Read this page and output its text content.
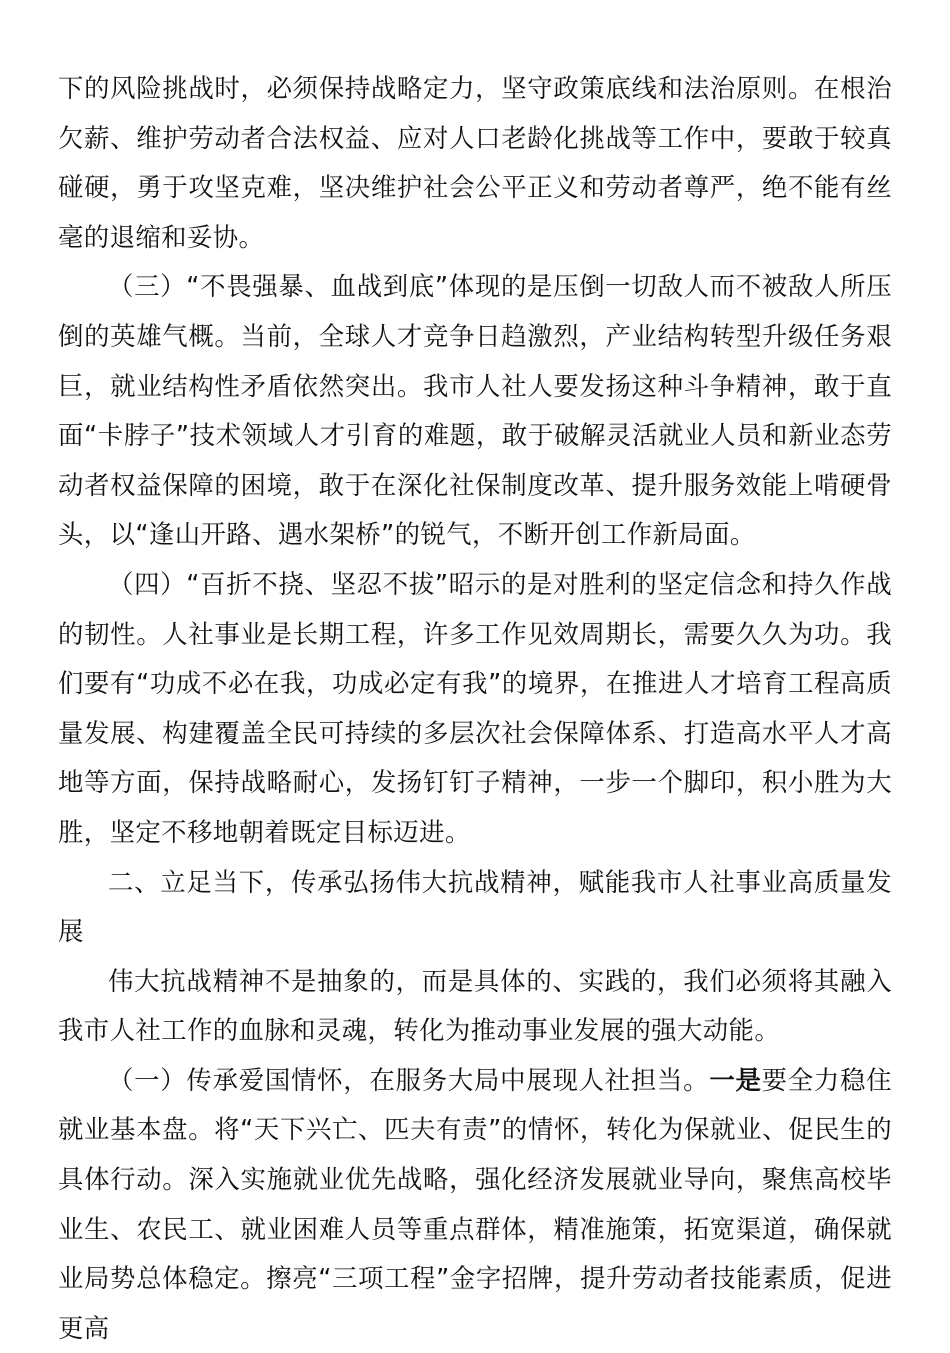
下的风险挑战时，必须保持战略定力，坚守政策底线和法治原则。在根治欠薪、维护劳动者合法权益、应对人口老龄化挑战等工作中，要敢于较真碰硬，勇于攻坚克难，坚决维护社会公平正义和劳动者尊严，绝不能有丝毫的退缩和妥协。

（三）“不畏强暴、血战到底”体现的是压倒一切敌人而不被敌人所压倒的英雄气概。当前，全球人才竞争日趋激烈，产业结构转型升级任务艰巨，就业结构性矛盾依然突出。我市人社人要发扬这种斗争精神，敢于直面“卡脖子”技术领域人才引育的难题，敢于破解灵活就业人员和新业态劳动者权益保障的困境，敢于在深化社保制度改革、提升服务效能上啃硬骨头，以“逢山开路、遇水架桥”的锐气，不断开创工作新局面。

（四）“百折不挠、坚忍不拔”昭示的是对胜利的坚定信念和持久作战的韧性。人社事业是长期工程，许多工作见效周期长，需要久久为功。我们要有“功成不必在我，功成必定有我”的境界，在推进人才培育工程高质量发展、构建覆盖全民可持续的多层次社会保障体系、打造高水平人才高地等方面，保持战略耐心，发扬钉钉子精神，一步一个脚印，积小胜为大胜，坚定不移地朝着既定目标迈进。

二、立足当下，传承弘扬伟大抗战精神，赋能我市人社事业高质量发展

伟大抗战精神不是抽象的，而是具体的、实践的，我们必须将其融入我市人社工作的血脉和灵魂，转化为推动事业发展的强大动能。

（一）传承爱国情怀，在服务大局中展现人社担当。一是要全力稳住就业基本盘。将“天下兴亡、匹夫有责”的情怀，转化为保就业、促民生的具体行动。深入实施就业优先战略，强化经济发展就业导向，聚焦高校毕业生、农民工、就业困难人员等重点群体，精准施策，拓宽渠道，确保就业局势总体稳定。擦亮“三项工程”金字招牌，提升劳动者技能素质，促进更高
